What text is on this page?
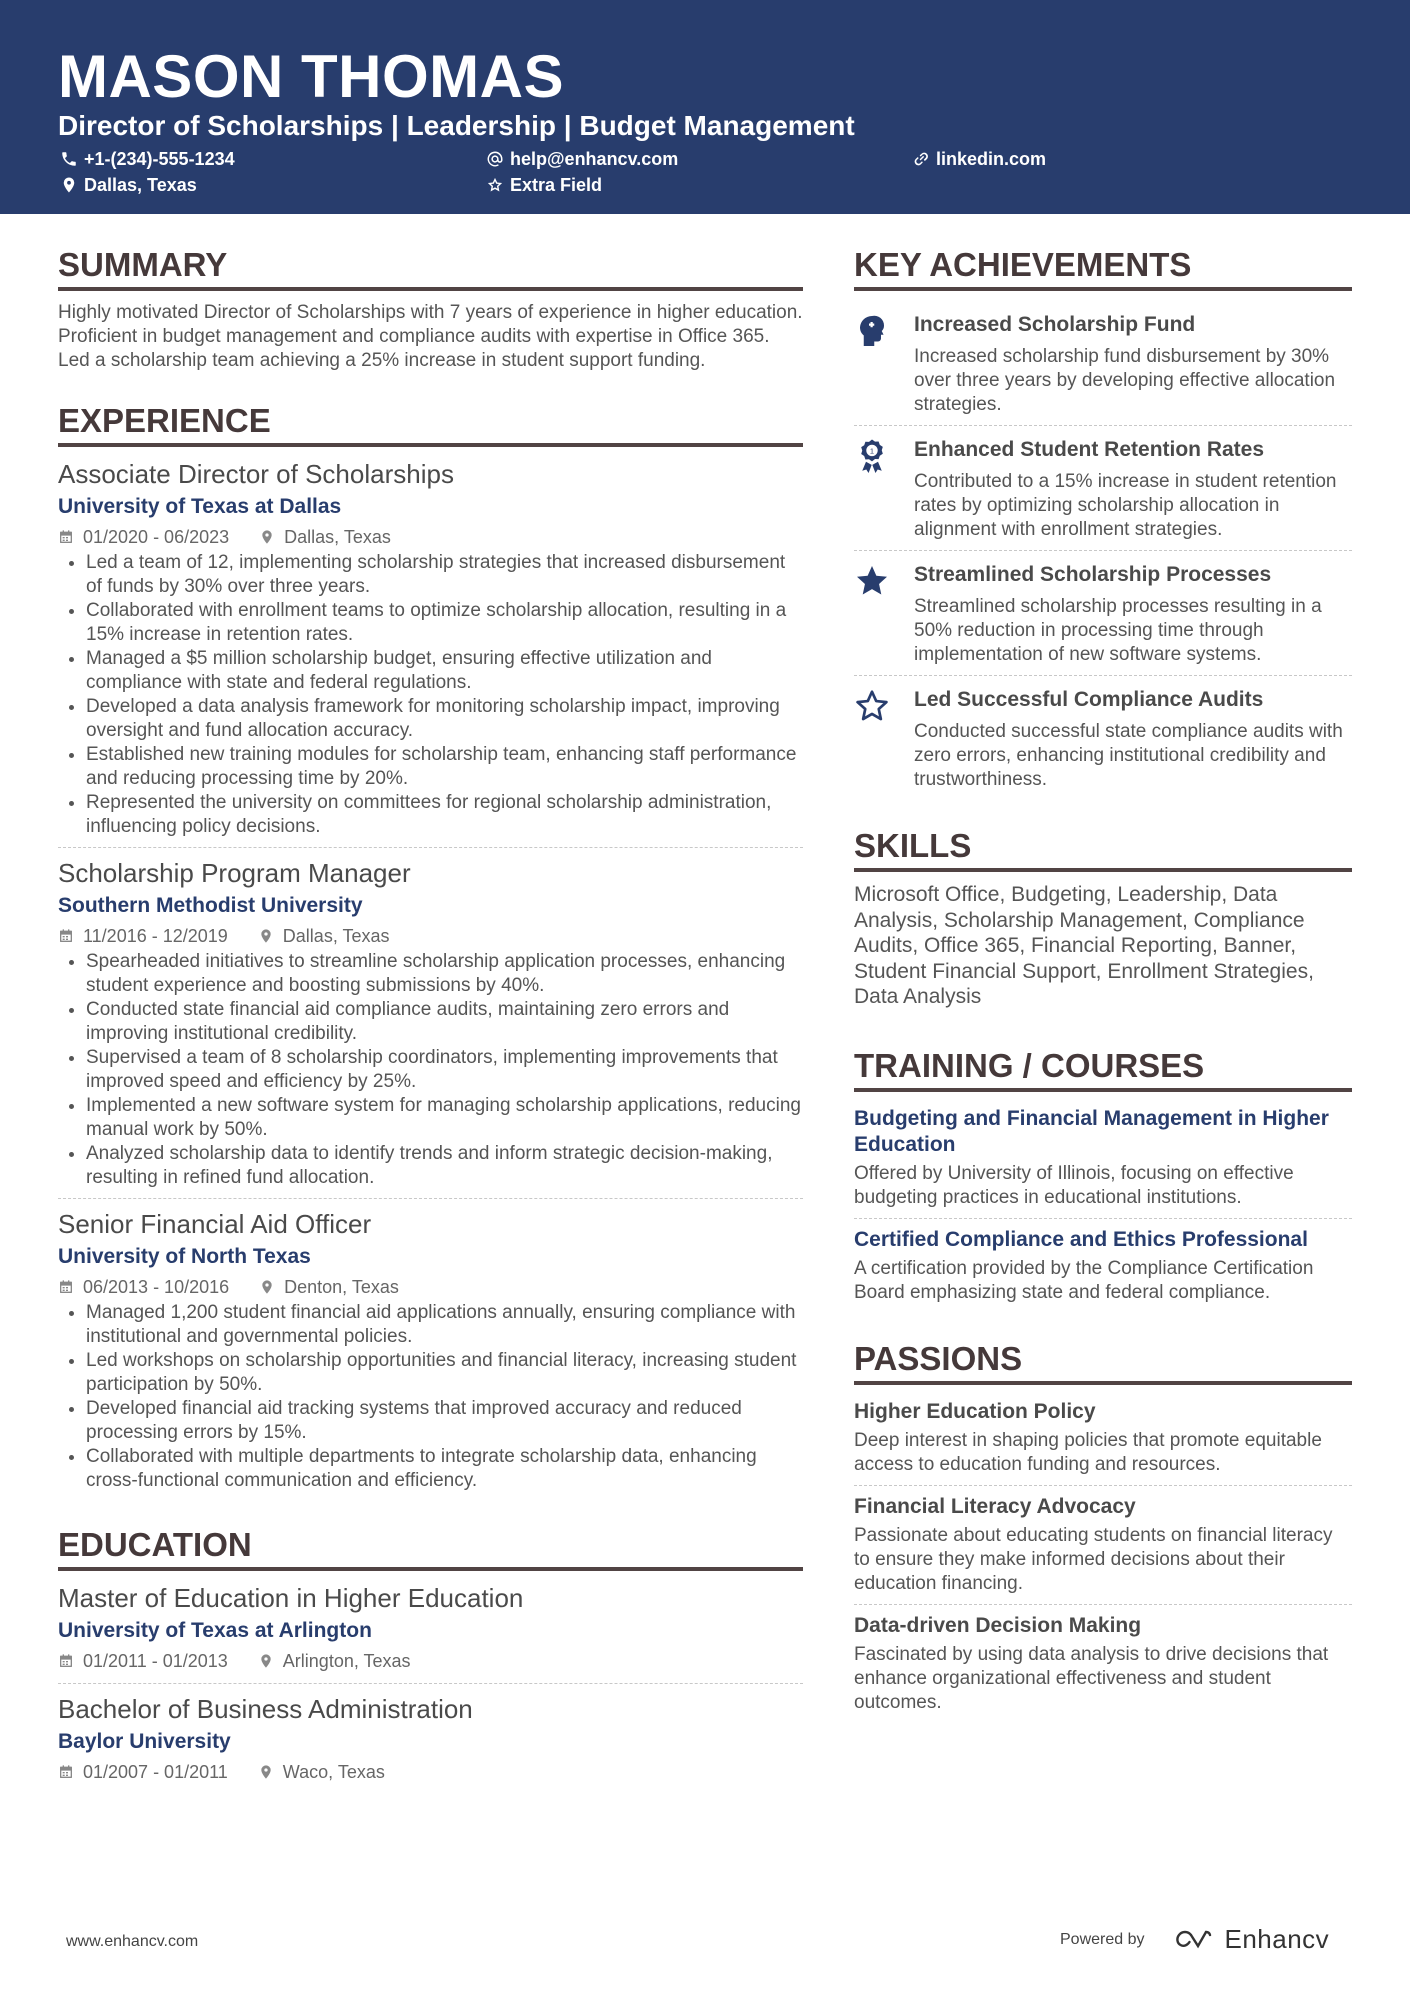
MASON THOMAS
Director of Scholarships | Leadership | Budget Management
+1-(234)-555-1234	help@enhancv.com	linkedin.com
Dallas, Texas	Extra Field
SUMMARY
Highly motivated Director of Scholarships with 7 years of experience in higher education. Proficient in budget management and compliance audits with expertise in Office 365. Led a scholarship team achieving a 25% increase in student support funding.
EXPERIENCE
Associate Director of Scholarships
University of Texas at Dallas
01/2020 - 06/2023	Dallas, Texas
• Led a team of 12, implementing scholarship strategies that increased disbursement of funds by 30% over three years.
• Collaborated with enrollment teams to optimize scholarship allocation, resulting in a 15% increase in retention rates.
• Managed a $5 million scholarship budget, ensuring effective utilization and compliance with state and federal regulations.
• Developed a data analysis framework for monitoring scholarship impact, improving oversight and fund allocation accuracy.
• Established new training modules for scholarship team, enhancing staff performance and reducing processing time by 20%.
• Represented the university on committees for regional scholarship administration, influencing policy decisions.
Scholarship Program Manager
Southern Methodist University
11/2016 - 12/2019	Dallas, Texas
• Spearheaded initiatives to streamline scholarship application processes, enhancing student experience and boosting submissions by 40%.
• Conducted state financial aid compliance audits, maintaining zero errors and improving institutional credibility.
• Supervised a team of 8 scholarship coordinators, implementing improvements that improved speed and efficiency by 25%.
• Implemented a new software system for managing scholarship applications, reducing manual work by 50%.
• Analyzed scholarship data to identify trends and inform strategic decision-making, resulting in refined fund allocation.
Senior Financial Aid Officer
University of North Texas
06/2013 - 10/2016	Denton, Texas
• Managed 1,200 student financial aid applications annually, ensuring compliance with institutional and governmental policies.
• Led workshops on scholarship opportunities and financial literacy, increasing student participation by 50%.
• Developed financial aid tracking systems that improved accuracy and reduced processing errors by 15%.
• Collaborated with multiple departments to integrate scholarship data, enhancing cross-functional communication and efficiency.
EDUCATION
Master of Education in Higher Education
University of Texas at Arlington
01/2011 - 01/2013	Arlington, Texas
Bachelor of Business Administration
Baylor University
01/2007 - 01/2011	Waco, Texas
KEY ACHIEVEMENTS
Increased Scholarship Fund
Increased scholarship fund disbursement by 30% over three years by developing effective allocation strategies.
1 Enhanced Student Retention Rates
Contributed to a 15% increase in student retention rates by optimizing scholarship allocation in alignment with enrollment strategies.
Streamlined Scholarship Processes
Streamlined scholarship processes resulting in a 50% reduction in processing time through implementation of new software systems.
Led Successful Compliance Audits
Conducted successful state compliance audits with zero errors, enhancing institutional credibility and trustworthiness.
SKILLS
Microsoft Office, Budgeting, Leadership, Data Analysis, Scholarship Management, Compliance Audits, Office 365, Financial Reporting, Banner, Student Financial Support, Enrollment Strategies, Data Analysis
TRAINING / COURSES
Budgeting and Financial Management in Higher Education
Offered by University of Illinois, focusing on effective budgeting practices in educational institutions.
Certified Compliance and Ethics Professional
A certification provided by the Compliance Certification Board emphasizing state and federal compliance.
PASSIONS
Higher Education Policy
Deep interest in shaping policies that promote equitable access to education funding and resources.
Financial Literacy Advocacy
Passionate about educating students on financial literacy to ensure they make informed decisions about their education financing.
Data-driven Decision Making
Fascinated by using data analysis to drive decisions that enhance organizational effectiveness and student outcomes.
www.enhancv.com	Powered by	Enhancv
